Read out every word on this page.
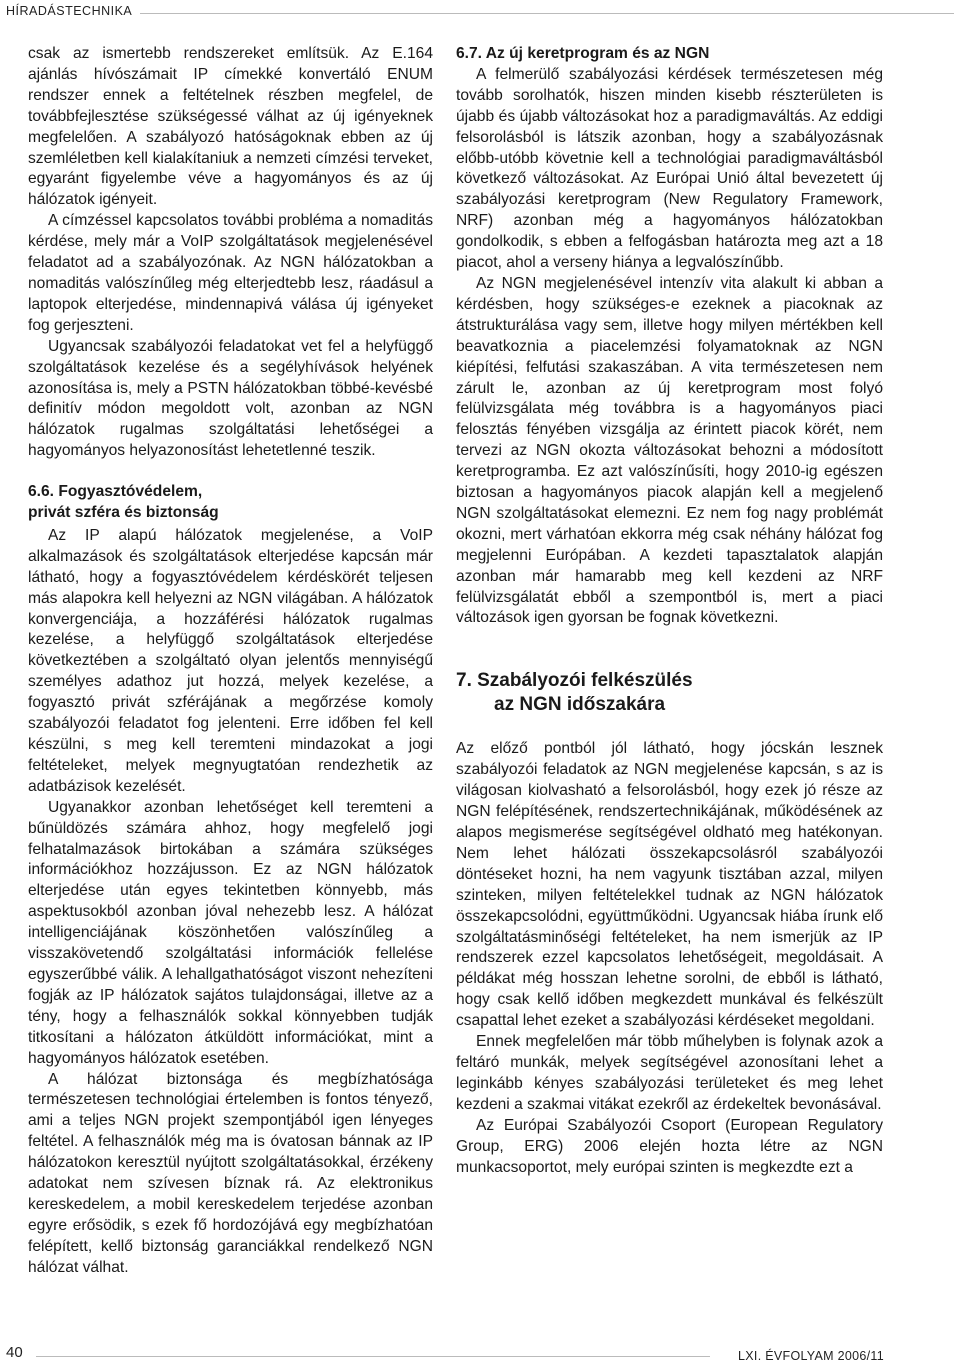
HÍRADÁSTECHNIKA

csak az ismertebb rendszereket említsük. Az E.164 ajánlás hívószámait IP címekké konvertáló ENUM rendszer ennek a feltételnek részben megfelel, de továbbfejlesztése szükségessé válhat az új igényeknek megfelelően. A szabályozó hatóságoknak ebben az új szemléletben kell kialakítaniuk a nemzeti címzési terveket, egyaránt figyelembe véve a hagyományos és az új hálózatok igényeit.

A címzéssel kapcsolatos további probléma a nomaditás kérdése, mely már a VoIP szolgáltatások megjelenésével feladatot ad a szabályozónak. Az NGN hálózatokban a nomaditás valószínűleg még elterjedtebb lesz, ráadásul a laptopok elterjedése, mindennapivá válása új igényeket fog gerjeszteni.

Ugyancsak szabályozói feladatokat vet fel a helyfüggő szolgáltatások kezelése és a segélyhívások helyének azonosítása is, mely a PSTN hálózatokban többé-kevésbé definitív módon megoldott volt, azonban az NGN hálózatok rugalmas szolgáltatási lehetőségei a hagyományos helyazonosítást lehetetlenné teszik.

6.6. Fogyasztóvédelem,
privát szféra és biztonság

Az IP alapú hálózatok megjelenése, a VoIP alkalmazások és szolgáltatások elterjedése kapcsán már látható, hogy a fogyasztóvédelem kérdéskörét teljesen más alapokra kell helyezni az NGN világában. A hálózatok konvergenciája, a hozzáférési hálózatok rugalmas kezelése, a helyfüggő szolgáltatások elterjedése következtében a szolgáltató olyan jelentős mennyiségű személyes adathoz jut hozzá, melyek kezelése, a fogyasztó privát szférájának a megőrzése komoly szabályozói feladatot fog jelenteni. Erre időben fel kell készülni, s meg kell teremteni mindazokat a jogi feltételeket, melyek megnyugtatóan rendezhetik az adatbázisok kezelését.

Ugyanakkor azonban lehetőséget kell teremteni a bűnüldözés számára ahhoz, hogy megfelelő jogi felhatalmazások birtokában a számára szükséges információkhoz hozzájusson. Ez az NGN hálózatok elterjedése után egyes tekintetben könnyebb, más aspektusokból azonban jóval nehezebb lesz. A hálózat intelligenciájának köszönhetően valószínűleg a visszakövetendő szolgáltatási információk fellelése egyszerűbbé válik. A lehallgathatóságot viszont nehezíteni fogják az IP hálózatok sajátos tulajdonságai, illetve az a tény, hogy a felhasználók sokkal könnyebben tudják titkosítani a hálózaton átküldött információkat, mint a hagyományos hálózatok esetében.

A hálózat biztonsága és megbízhatósága természetesen technológiai értelemben is fontos tényező, ami a teljes NGN projekt szempontjából igen lényeges feltétel. A felhasználók még ma is óvatosan bánnak az IP hálózatokon keresztül nyújtott szolgáltatásokkal, érzékeny adatokat nem szívesen bíznak rá. Az elektronikus kereskedelem, a mobil kereskedelem terjedése azonban egyre erősödik, s ezek fő hordozójává egy megbízhatóan felépített, kellő biztonság garanciákkal rendelkező NGN hálózat válhat.

6.7. Az új keretprogram és az NGN

A felmerülő szabályozási kérdések természetesen még tovább sorolhatók, hiszen minden kisebb részterületen is újabb és újabb változásokat hoz a paradigmaváltás. Az eddigi felsorolásból is látszik azonban, hogy a szabályozásnak előbb-utóbb követnie kell a technológiai paradigmaváltásból következő változásokat. Az Európai Unió által bevezetett új szabályozási keretprogram (New Regulatory Framework, NRF) azonban még a hagyományos hálózatokban gondolkodik, s ebben a felfogásban határozta meg azt a 18 piacot, ahol a verseny hiánya a legvalószínűbb.

Az NGN megjelenésével intenzív vita alakult ki abban a kérdésben, hogy szükséges-e ezeknek a piacoknak az átstrukturálása vagy sem, illetve hogy milyen mértékben kell beavatkoznia a piacelemzési folyamatoknak az NGN kiépítési, felfutási szakaszában. A vita természetesen nem zárult le, azonban az új keretprogram most folyó felülvizsgálata még továbbra is a hagyományos piaci felosztás fényében vizsgálja az érintett piacok körét, nem tervezi az NGN okozta változásokat behozni a módosított keretprogramba. Ez azt valószínűsíti, hogy 2010-ig egészen biztosan a hagyományos piacok alapján kell a megjelenő NGN szolgáltatásokat elemezni. Ez nem fog nagy problémát okozni, mert várhatóan ekkorra még csak néhány hálózat fog megjelenni Európában. A kezdeti tapasztalatok alapján azonban már hamarabb meg kell kezdeni az NRF felülvizsgálatát ebből a szempontból is, mert a piaci változások igen gyorsan be fognak következni.

7. Szabályozói felkészülés
az NGN időszakára

Az előző pontból jól látható, hogy jócskán lesznek szabályozói feladatok az NGN megjelenése kapcsán, s az is világosan kiolvasható a felsorolásból, hogy ezek jó része az NGN felépítésének, rendszertechnikájának, működésének az alapos megismerése segítségével oldható meg hatékonyan. Nem lehet hálózati összekapcsolásról szabályozói döntéseket hozni, ha nem vagyunk tisztában azzal, milyen szinteken, milyen feltételekkel tudnak az NGN hálózatok összekapcsolódni, együttműködni. Ugyancsak hiába írunk elő szolgáltatásminőségi feltételeket, ha nem ismerjük az IP rendszerek ezzel kapcsolatos lehetőségeit, megoldásait. A példákat még hosszan lehetne sorolni, de ebből is látható, hogy csak kellő időben megkezdett munkával és felkészült csapattal lehet ezeket a szabályozási kérdéseket megoldani.

Ennek megfelelően már több műhelyben is folynak azok a feltáró munkák, melyek segítségével azonosítani lehet a leginkább kényes szabályozási területeket és meg lehet kezdeni a szakmai vitákat ezekről az érdekeltek bevonásával.

Az Európai Szabályozói Csoport (European Regulatory Group, ERG) 2006 elején hozta létre az NGN munkacsoportot, mely európai szinten is megkezdte ezt a

40	LXI. ÉVFOLYAM 2006/11
